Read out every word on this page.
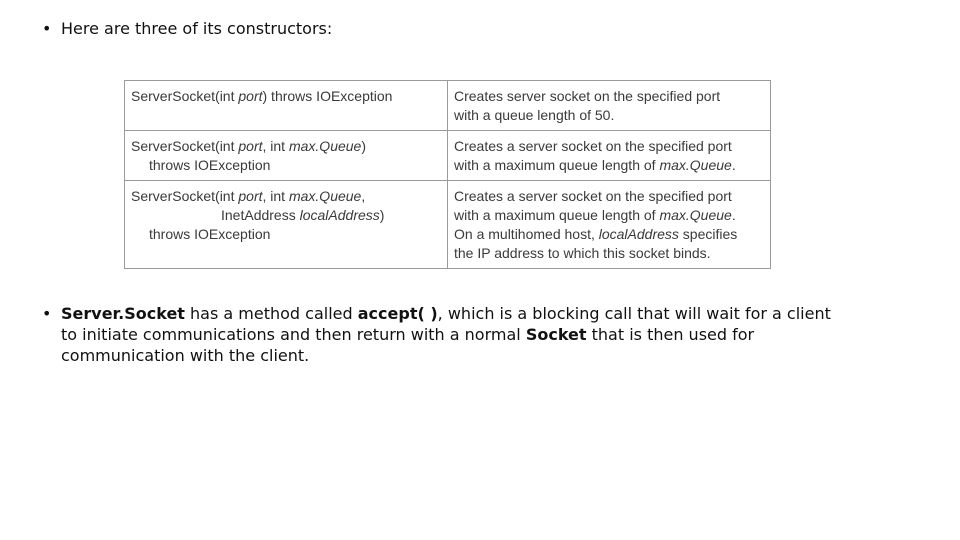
• Here are three of its constructors:
ServerSocket(int port) throws IOException	Creates server socket on the specified port
with a queue length of 50.

ServerSocket(int port, int max.Queue)
throws IOException	Creates a server socket on the specified port
with a maximum queue length of max.Queue.

ServerSocket(int port, int max.Queue,
InetAddress localAddress)
throws IOException	Creates a server socket on the specified port
with a maximum queue length of max.Queue.
On a multihomed host, localAddress specifies
the IP address to which this socket binds.
• Server.Socket has a method called accept( ), which is a blocking call that will wait for a client to initiate communications and then return with a normal Socket that is then used for communication with the client.
